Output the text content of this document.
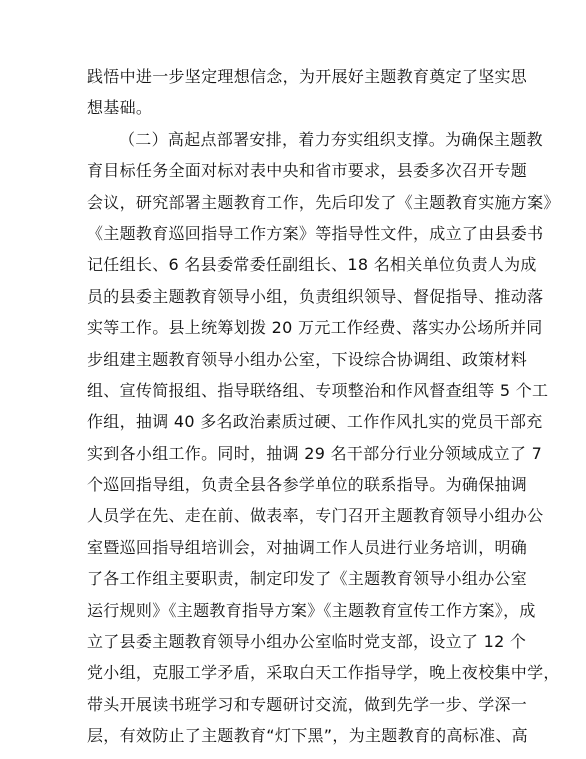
践悟中进一步坚定理想信念，为开展好主题教育奠定了坚实思
想基础。
（二）高起点部署安排，着力夯实组织支撑。为确保主题教
育目标任务全面对标对表中央和省市要求，县委多次召开专题
会议，研究部署主题教育工作，先后印发了《主题教育实施方案》
《主题教育巡回指导工作方案》等指导性文件，成立了由县委书
记任组长、6 名县委常委任副组长、18 名相关单位负责人为成
员的县委主题教育领导小组，负责组织领导、督促指导、推动落
实等工作。县上统筹划拨 20 万元工作经费、落实办公场所并同
步组建主题教育领导小组办公室，下设综合协调组、政策材料
组、宣传简报组、指导联络组、专项整治和作风督查组等 5 个工
作组，抽调 40 多名政治素质过硬、工作作风扎实的党员干部充
实到各小组工作。同时，抽调 29 名干部分行业分领域成立了 7
个巡回指导组，负责全县各参学单位的联系指导。为确保抽调
人员学在先、走在前、做表率，专门召开主题教育领导小组办公
室暨巡回指导组培训会，对抽调工作人员进行业务培训，明确
了各工作组主要职责，制定印发了《主题教育领导小组办公室
运行规则》《主题教育指导方案》《主题教育宣传工作方案》，成
立了县委主题教育领导小组办公室临时党支部，设立了 12 个
党小组，克服工学矛盾，采取白天工作指导学，晚上夜校集中学，
带头开展读书班学习和专题研讨交流，做到先学一步、学深一
层，有效防止了主题教育“灯下黑”，为主题教育的高标准、高
